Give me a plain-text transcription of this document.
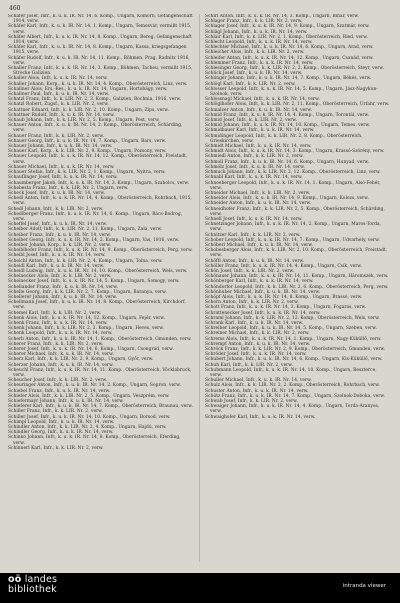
460

Schäfer Josef, Infr., k. u. k. IR. Nr. 14, 6. Komp., Ungarn, Komorn, Gefangenschaft 1914, verw.

Schäfer Karl, Infr., k. u. k. IR. Nr. 14, 1. Komp., Ungarn, Temesvár, vermißt 1915, verw.

Schäfer Albert, Infr., k. u. k. IR. Nr. 14, 8. Komp., Ungarn, Bereg, Gefangenschaft 1914, verw.

Schäfer Karl, Infr., k. u. k. IR. Nr. 14, 8. Komp., Ungarn, Kassa, kriegsgefangen 1915, verw.

Schäfer Rudolf, Infr., k. u. k. IR. Nr. 14, 11. Komp., Böhmen, Prag, Radnitz 1916, verw.

Schaller Franz, Infr., k. u. k. IR. Nr. 14, 3. Komp., Böhmen, Tacheu, vermißt 1915, Strecke Galizien.

Schaller Alois, Infr., k. u. k. IR. Nr. 14, verw.

Schaller Johann, Korp., k. u. k. IR. Nr. 14, 4. Komp., Oberösterreich, Linz, verw.

Schallner Alois, Ers.-Res., k. u. k. IR. Nr. 14, Ungarn, Hortobágy, verw.

Schallner Paul, Infr., k. u. k. IR. Nr. 14, verw.

Schatzl Franz, Infr., k. k. LIR. Nr. 2, 3. Komp., Galizien, Bochnia, 1916, verw.

Schatzl Robert, Zugsf., k. k. LIR. Nr. 2, verw.

Schattner Eduard, Infr., k. k. LIR. Nr. 2, 10. Komp., Ungarn, Zips, verw.

Schattner Rudolf, Infr., k. u. k. IR. Nr. 14, verw.

Schaub Johann, Infr., k. k. LIR. Nr. 2, 5. Komp., Ungarn, Pest, verw.

Schauer Anton, Infr., k. u. k. IR. Nr. 14, 2. Komp., Oberösterreich, Schärding, verw.

Schauer Franz, Infr., k. k. LIR. Nr. 2, verw.

Schauer Georg, Infr., k. u. k. IR. Nr. 14, 7. Komp., Ungarn, Bars, verw.

Schauer Johann, Infr., k. u. k. IR. Nr. 14, verw.

Schauer Karl, Korp., k. k. LIR. Nr. 2, 9. Komp., Ungarn, Pozsony, verw.

Schauer Leopold, Infr., k. u. k. IR. Nr. 14, 12. Komp., Oberösterreich, Freistadt, verw.

Schauer Michael, Infr., k. u. k. IR. Nr. 14, verw.

Schauer Stefan, Infr., k. k. LIR. Nr. 2, 1. Komp., Ungarn, Nyitra, verw.

Schauflinger Josef, Infr., k. u. k. IR. Nr. 14, verw.

Schaumberger Jakob, Infr., k. u. k. IR. Nr. 14, 3. Komp., Ungarn, Szabolcs, verw.

Schebesta Franz, Infr., k. k. LIR. Nr. 2, Ungarn, verw.

Scheck Josef, Infr., k. u. k. IR. Nr. 14, verw.

Schedl Anton, Infr., k. u. k. IR. Nr. 14, 4. Komp., Oberösterreich, Rohrbach, 1915, verw.

Schedl Johann, Infr., k. k. LIR. Nr. 2, verw.

Schedlberger Franz, Infr., k. u. k. IR. Nr. 14, 6. Komp., Ungarn, Bács-Bodrog, verw.

Scheffel Josef, Infr., k. u. k. IR. Nr. 14, verw.

Scheiber Adolf, Infr., k. k. LIR. Nr. 2, 11. Komp., Ungarn, Zala, verw.

Scheiber Franz, Infr., k. u. k. IR. Nr. 14, verw.

Scheiber Georg, Infr., k. u. k. IR. Nr. 14, 2. Komp., Ungarn, Vas, 1916, verw.

Scheiber Johann, Korp., k. k. LIR. Nr. 2, verw.

Scheiblhofer Franz, Infr., k. u. k. IR. Nr. 14, 9. Komp., Oberösterreich, Perg, verw.

Scheibl Josef, Infr., k. u. k. IR. Nr. 14, verw.

Scheichl Anton, Infr., k. k. LIR. Nr. 2, 4. Komp., Ungarn, Tolna, verw.

Scheidl Karl, Infr., k. u. k. IR. Nr. 14, verw.

Scheidl Ludwig, Infr., k. u. k. IR. Nr. 14, 10. Komp., Oberösterreich, Wels, verw.

Scheinecker Alois, Infr., k. k. LIR. Nr. 2, verw.

Scheinecker Josef, Infr., k. u. k. IR. Nr. 14, 5. Komp., Ungarn, Somogy, verw.

Schellander Franz, Infr., k. u. k. IR. Nr. 14, verw.

Schelle Georg, Infr., k. k. LIR. Nr. 2, 7. Komp., Ungarn, Baranya, verw.

Schellerer Johann, Infr., k. u. k. IR. Nr. 14, verw.

Schellmann Josef, Infr., k. u. k. IR. Nr. 14, 8. Komp., Oberösterreich, Kirchdorf, verw.

Schemel Karl, Infr., k. k. LIR. Nr. 2, verw.

Schenk Alois, Infr., k. u. k. IR. Nr. 14, 12. Komp., Ungarn, Fejér, verw.

Schenk Franz, Infr., k. u. k. IR. Nr. 14, verw.

Schenk Johann, Infr., k. k. LIR. Nr. 2, 3. Komp., Ungarn, Heves, verw.

Schenk Leopold, Infr., k. u. k. IR. Nr. 14, verw.

Scherb Anton, Infr., k. u. k. IR. Nr. 14, 1. Komp., Oberösterreich, Gmunden, verw.

Scherer Franz, Infr., k. k. LIR. Nr. 2, verw.

Scherer Josef, Infr., k. u. k. IR. Nr. 14, 6. Komp., Ungarn, Csongrád, verw.

Scherer Michael, Infr., k. u. k. IR. Nr. 14, verw.

Scherz Karl, Infr., k. k. LIR. Nr. 2, 9. Komp., Ungarn, Győr, verw.

Scherzer Johann, Infr., k. u. k. IR. Nr. 14, verw.

Scheuchl Franz, Infr., k. u. k. IR. Nr. 14, 11. Komp., Oberösterreich, Vöcklabruck, verw.

Scheucher Josef, Infr., k. k. LIR. Nr. 2, verw.

Scheuringer Anton, Infr., k. u. k. IR. Nr. 14, 2. Komp., Ungarn, Sopron, verw.

Schiebel Franz, Infr., k. u. k. IR. Nr. 14, verw.

Schiefer Alois, Infr., k. k. LIR. Nr. 2, 5. Komp., Ungarn, Veszprém, verw.

Schiefermayr Johann, Infr., k. u. k. IR. Nr. 14, verw.

Schieferer Karl, Infr., k. u. k. IR. Nr. 14, 7. Komp., Oberösterreich, Braunau, verw.

Schiller Franz, Infr., k. k. LIR. Nr. 2, verw.

Schiller Josef, Infr., k. u. k. IR. Nr. 14, 10. Komp., Ungarn, Borsod, verw.

Schimpl Leopold, Infr., k. u. k. IR. Nr. 14, verw.

Schindler Anton, Infr., k. k. LIR. Nr. 2, 4. Komp., Ungarn, Hajdú, verw.

Schindler Georg, Infr., k. u. k. IR. Nr. 14, verw.

Schinko Johann, Infr., k. u. k. IR. Nr. 14, 8. Komp., Oberösterreich, Eferding, verw.

Schinnerl Karl, Infr., k. k. LIR. Nr. 2, verw.

Schirl Anton, Infr., k. u. k. IR. Nr. 14, 3. Komp., Ungarn, Bihar, verw.

Schlager Franz, Infr., k. k. LIR. Nr. 2, verw.

Schlager Josef, Infr., k. u. k. IR. Nr. 14, 9. Komp., Ungarn, Szatmár, verw.

Schlägl Johann, Infr., k. u. k. IR. Nr. 14, verw.

Schlair Karl, Infr., k. k. LIR. Nr. 2, 1. Komp., Oberösterreich, Ried, verw.

Schlecht Leopold, Infr., k. u. k. IR. Nr. 14, verw.

Schlechter Michael, Infr., k. u. k. IR. Nr. 14, 6. Komp., Ungarn, Arad, verw.

Schleicher Alois, Infr., k. k. LIR. Nr. 2, verw.

Schleifer Anton, Infr., k. u. k. IR. Nr. 14, 12. Komp., Ungarn, Csanád, verw.

Schlemmer Franz, Infr., k. u. k. IR. Nr. 14, verw.

Schlesinger Georg, Infr., k. k. LIR. Nr. 2, 2. Komp., Oberösterreich, Steyr, verw.

Schlick Josef, Infr., k. u. k. IR. Nr. 14, verw.

Schlinger Johann, Infr., k. u. k. IR. Nr. 14, 7. Komp., Ungarn, Békés, verw.

Schlögl Karl, Infr., k. k. LIR. Nr. 2, verw.

Schlosser Leopold, Infr., k. u. k. IR. Nr. 14, 5. Komp., Ungarn, Jász-Nagykun-Szolnok, verw.

Schlossnagl Michael, Infr., k. u. k. IR. Nr. 14, verw.

Schlöglhofer Alois, Infr., k. k. LIR. Nr. 2, 11. Komp., Oberösterreich, Urfahr, verw.

Schmalzer Anton, Infr., k. u. k. IR. Nr. 14, verw.

Schmid Franz, Infr., k. u. k. IR. Nr. 14, 4. Komp., Ungarn, Torontál, verw.

Schmid Josef, Infr., k. k. LIR. Nr. 2, verw.

Schmid Johann, Infr., k. u. k. IR. Nr. 14, 10. Komp., Ungarn, Temes, verw.

Schmidbauer Karl, Infr., k. u. k. IR. Nr. 14, verw.

Schmidinger Leopold, Infr., k. k. LIR. Nr. 2, 8. Komp., Oberösterreich, Grieskirchen, verw.

Schmidt Michael, Infr., k. u. k. IR. Nr. 14, verw.

Schmidt Alois, Infr., k. u. k. IR. Nr. 14, 3. Komp., Ungarn, Krassó-Szörény, verw.

Schmiedl Anton, Infr., k. k. LIR. Nr. 2, verw.

Schmoll Franz, Infr., k. u. k. IR. Nr. 14, 6. Komp., Ungarn, Hunyad, verw.

Schmölz Josef, Infr., k. u. k. IR. Nr. 14, verw.

Schmuck Johann, Infr., k. k. LIR. Nr. 2, 12. Komp., Oberösterreich, Linz, verw.

Schnabl Karl, Infr., k. u. k. IR. Nr. 14, verw.

Schneeberger Leopold, Infr., k. u. k. IR. Nr. 14, 1. Komp., Ungarn, Alsó-Fehér, verw.

Schneider Michael, Infr., k. k. LIR. Nr. 2, verw.

Schneider Alois, Infr., k. u. k. IR. Nr. 14, 9. Komp., Ungarn, Kolozs, verw.

Schneider Anton, Infr., k. u. k. IR. Nr. 14, verw.

Schneidhofer Franz, Infr., k. k. LIR. Nr. 2, 5. Komp., Oberösterreich, Schärding, verw.

Schnell Josef, Infr., k. u. k. IR. Nr. 14, verw.

Schnetzinger Johann, Infr., k. u. k. IR. Nr. 14, 2. Komp., Ungarn, Maros-Torda, verw.

Schnitzer Karl, Infr., k. k. LIR. Nr. 2, verw.

Schober Leopold, Infr., k. u. k. IR. Nr. 14, 7. Komp., Ungarn, Udvarhely, verw.

Schöberl Michael, Infr., k. u. k. IR. Nr. 14, verw.

Schobesberger Alois, Infr., k. k. LIR. Nr. 2, 10. Komp., Oberösterreich, Freistadt, verw.

Schöffl Anton, Infr., k. u. k. IR. Nr. 14, verw.

Schöller Franz, Infr., k. u. k. IR. Nr. 14, 4. Komp., Ungarn, Csík, verw.

Schön Josef, Infr., k. k. LIR. Nr. 2, verw.

Schönauer Johann, Infr., k. u. k. IR. Nr. 14, 11. Komp., Ungarn, Háromszék, verw.

Schönberger Karl, Infr., k. u. k. IR. Nr. 14, verw.

Schöndorfer Leopold, Infr., k. k. LIR. Nr. 2, 6. Komp., Oberösterreich, Perg, verw.

Schönhuber Michael, Infr., k. u. k. IR. Nr. 14, verw.

Schöpf Alois, Infr., k. u. k. IR. Nr. 14, 8. Komp., Ungarn, Brassó, verw.

Schorn Anton, Infr., k. k. LIR. Nr. 2, verw.

Schott Franz, Infr., k. u. k. IR. Nr. 14, 3. Komp., Ungarn, Fogaras, verw.

Schrattenecker Josef, Infr., k. u. k. IR. Nr. 14, verw.

Schraml Johann, Infr., k. k. LIR. Nr. 2, 12. Komp., Oberösterreich, Wels, verw.

Schrank Karl, Infr., k. u. k. IR. Nr. 14, verw.

Schreiber Leopold, Infr., k. u. k. IR. Nr. 14, 5. Komp., Ungarn, Szeben, verw.

Schreiner Michael, Infr., k. k. LIR. Nr. 2, verw.

Schrems Alois, Infr., k. u. k. IR. Nr. 14, 1. Komp., Ungarn, Nagy-Küküllő, verw.

Schrempf Anton, Infr., k. u. k. IR. Nr. 14, verw.

Schröck Franz, Infr., k. k. LIR. Nr. 2, 9. Komp., Oberösterreich, Gmunden, verw.

Schröder Josef, Infr., k. u. k. IR. Nr. 14, verw.

Schubert Johann, Infr., k. u. k. IR. Nr. 14, 6. Komp., Ungarn, Kis-Küküllő, verw.

Schuh Karl, Infr., k. k. LIR. Nr. 2, verw.

Schuhmann Leopold, Infr., k. u. k. IR. Nr. 14, 10. Komp., Ungarn, Beszterce, verw.

Schuller Michael, Infr., k. u. k. IR. Nr. 14, verw.

Schulz Alois, Infr., k. k. LIR. Nr. 2, 2. Komp., Oberösterreich, Rohrbach, verw.

Schuster Anton, Infr., k. u. k. IR. Nr. 14, verw.

Schütz Franz, Infr., k. u. k. IR. Nr. 14, 7. Komp., Ungarn, Szolnok-Doboka, verw.

Schwab Josef, Infr., k. k. LIR. Nr. 2, verw.

Schwaiger Johann, Infr., k. u. k. IR. Nr. 14, 4. Komp., Ungarn, Torda-Aranyos, verw.

Schwaighofer Karl, Infr., k. u. k. IR. Nr. 14, verw.

oö landes
bibliothek	intranda viewer
